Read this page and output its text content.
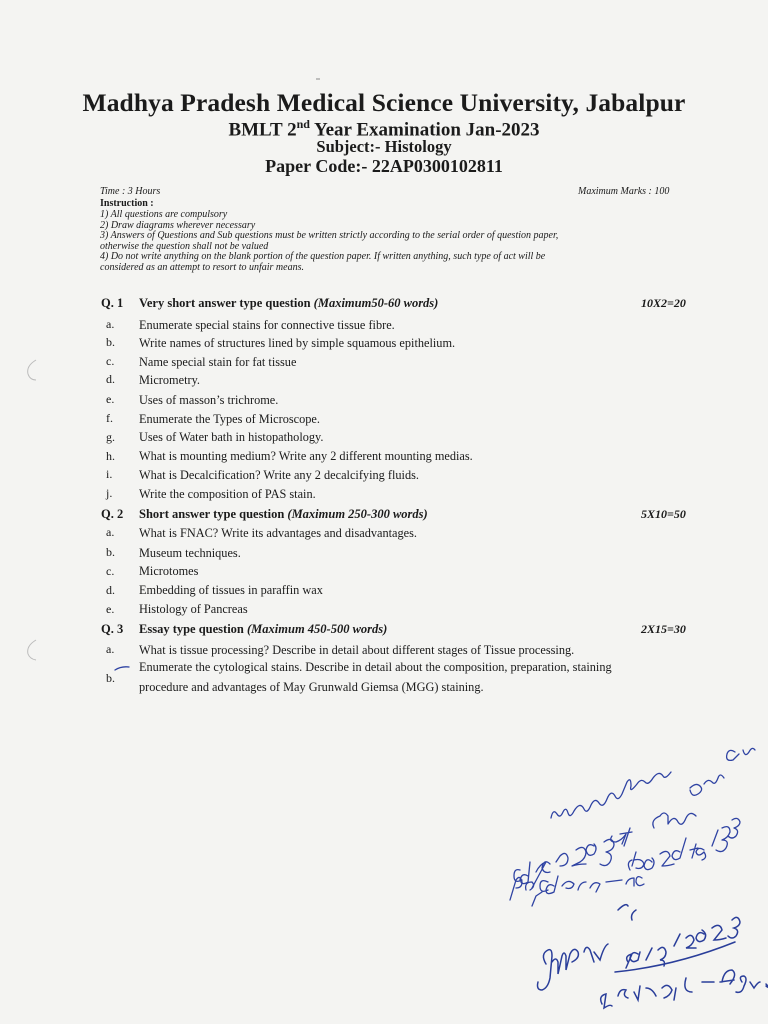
Madhya Pradesh Medical Science University, Jabalpur
BMLT 2nd Year Examination Jan-2023
Subject:- Histology
Paper Code:- 22AP0300102811
Time : 3 Hours	Maximum Marks : 100
Instruction :
1) All questions are compulsory
2) Draw diagrams wherever necessary
3) Answers of Questions and Sub questions must be written strictly according to the serial order of question paper,
otherwise the question shall not be valued
4) Do not write anything on the blank portion of the question paper. If written anything, such type of act will be
considered as an attempt to resort to unfair means.
Q. 1 Very short answer type question (Maximum50-60 words)	10X2=20
a. Enumerate special stains for connective tissue fibre.
b. Write names of structures lined by simple squamous epithelium.
c. Name special stain for fat tissue
d. Micrometry.
e. Uses of masson’s trichrome.
f. Enumerate the Types of Microscope.
g. Uses of Water bath in histopathology.
h. What is mounting medium? Write any 2 different mounting medias.
i. What is Decalcification? Write any 2 decalcifying fluids.
j. Write the composition of PAS stain.
Q. 2 Short answer type question (Maximum 250-300 words)	5X10=50
a. What is FNAC? Write its advantages and disadvantages.
b. Museum techniques.
c. Microtomes
d. Embedding of tissues in paraffin wax
e. Histology of Pancreas
Q. 3 Essay type question (Maximum 450-500 words)	2X15=30
a. What is tissue processing? Describe in detail about different stages of Tissue processing.
b.
Enumerate the cytological stains. Describe in detail about the composition, preparation, staining
procedure and advantages of May Grunwald Giemsa (MGG) staining.
